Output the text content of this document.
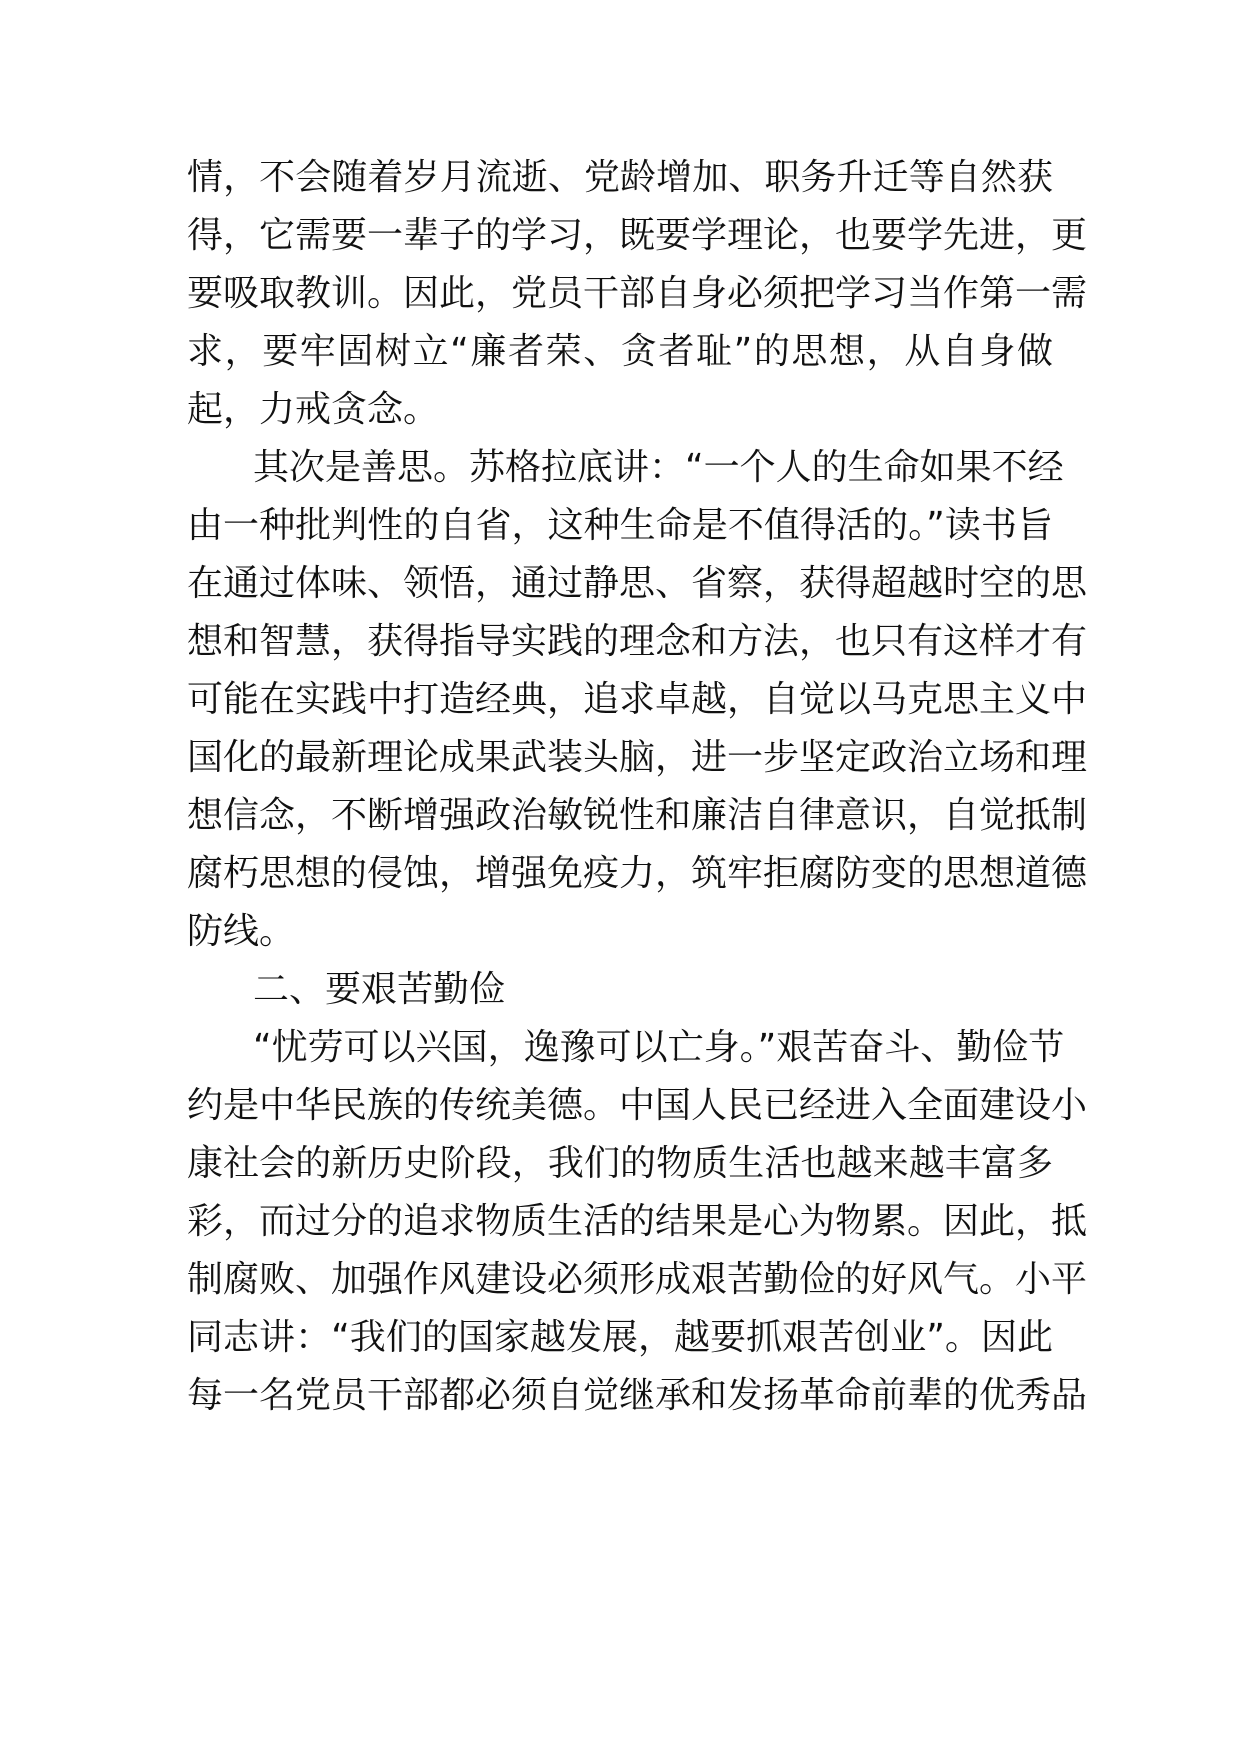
情，不会随着岁月流逝、党龄增加、职务升迁等自然获
得，它需要一辈子的学习，既要学理论，也要学先进，更
要吸取教训。因此，党员干部自身必须把学习当作第一需
求，要牢固树立“廉者荣、贪者耻”的思想，从自身做
起，力戒贪念。
其次是善思。苏格拉底讲：“一个人的生命如果不经
由一种批判性的自省，这种生命是不值得活的。”读书旨
在通过体味、领悟，通过静思、省察，获得超越时空的思
想和智慧，获得指导实践的理念和方法，也只有这样才有
可能在实践中打造经典，追求卓越，自觉以马克思主义中
国化的最新理论成果武装头脑，进一步坚定政治立场和理
想信念，不断增强政治敏锐性和廉洁自律意识，自觉抵制
腐朽思想的侵蚀，增强免疫力，筑牢拒腐防变的思想道德
防线。
二、要艰苦勤俭
“忧劳可以兴国，逸豫可以亡身。”艰苦奋斗、勤俭节
约是中华民族的传统美德。中国人民已经进入全面建设小
康社会的新历史阶段，我们的物质生活也越来越丰富多
彩，而过分的追求物质生活的结果是心为物累。因此，抵
制腐败、加强作风建设必须形成艰苦勤俭的好风气。小平
同志讲：“我们的国家越发展，越要抓艰苦创业”。因此
每一名党员干部都必须自觉继承和发扬革命前辈的优秀品
